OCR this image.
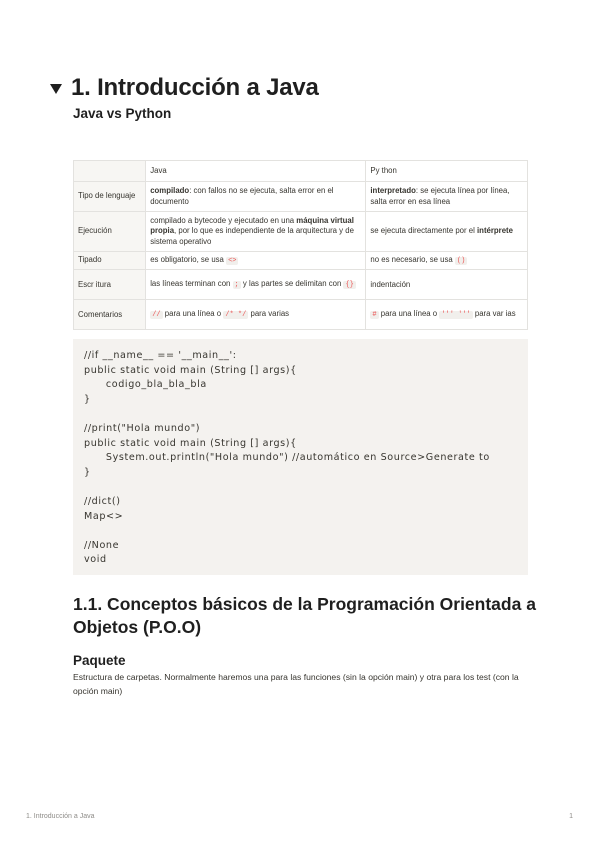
1. Introducción a Java
Java vs Python
	Java	Py thon
Tipo de lenguaje	compilado: con fallos no se ejecuta, salta error en el documento	interpretado: se ejecuta línea por línea, salta error en esa línea
Ejecución	compilado a bytecode y ejecutado en una máquina virtual propia, por lo que es independiente de la arquitectura y de sistema operativo	se ejecuta directamente por el intérprete
Tipado	es obligatorio, se usa <>	no es necesario, se usa ()
Escr itura	las líneas terminan con ; y las partes se delimitan con {}	indentación
Comentarios	// para una línea o /* */ para varias	# para una línea o ''' ''' para var ias
//if __name__ == '__main__':
public static void main (String [] args){
codigo_bla_bla_bla
}

//print("Hola mundo")
public static void main (String [] args){
System.out.println("Hola mundo") //automático en Source>Generate to
}

//dict()
Map<>

//None
void
1.1. Conceptos básicos de la Programación Orientada a Objetos (P.O.O)
Paquete
Estructura de carpetas. Normalmente haremos una para las funciones (sin la opción main) y otra para los test (con la opción main)
1. Introducción a Java	1
